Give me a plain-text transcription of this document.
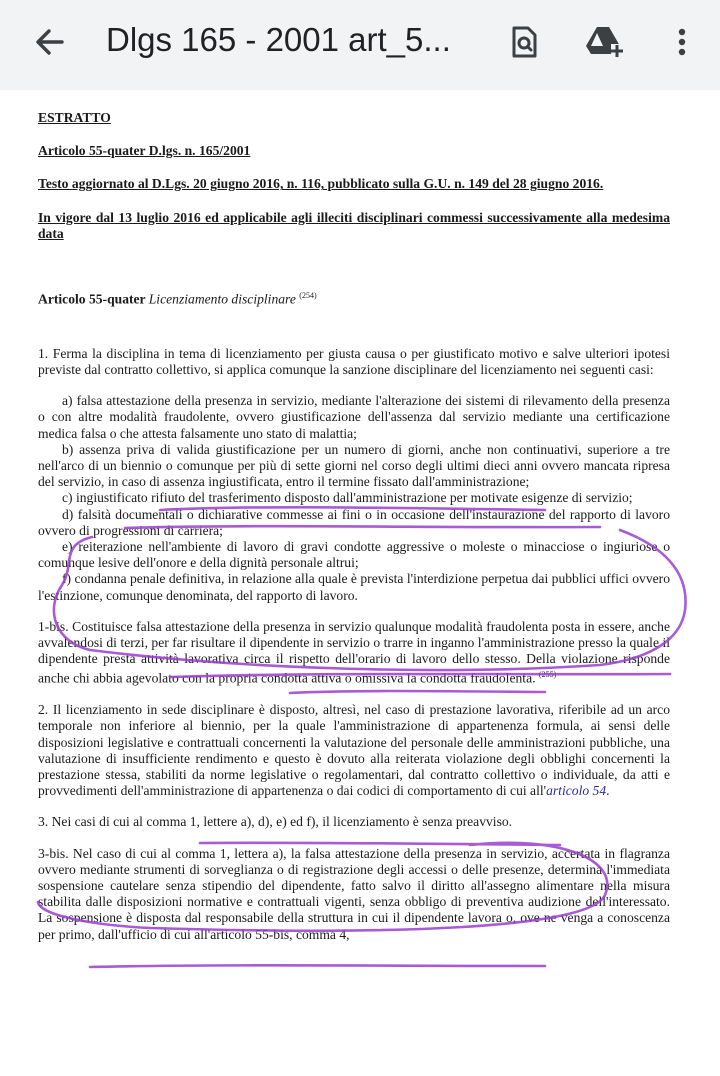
Dlgs 165 - 2001 art_5...

ESTRATTO

Articolo 55-quater D.lgs. n. 165/2001

Testo aggiornato al D.Lgs. 20 giugno 2016, n. 116, pubblicato sulla G.U. n. 149 del 28 giugno 2016.

In vigore dal 13 luglio 2016 ed applicabile agli illeciti disciplinari commessi successivamente alla medesima data

Articolo 55-quater Licenziamento disciplinare $^{(254)}$

1. Ferma la disciplina in tema di licenziamento per giusta causa o per giustificato motivo e salve ulteriori ipotesi previste dal contratto collettivo, si applica comunque la sanzione disciplinare del licenziamento nei seguenti casi:

a) falsa attestazione della presenza in servizio, mediante l'alterazione dei sistemi di rilevamento della presenza o con altre modalità fraudolente, ovvero giustificazione dell'assenza dal servizio mediante una certificazione medica falsa o che attesta falsamente uno stato di malattia;

b) assenza priva di valida giustificazione per un numero di giorni, anche non continuativi, superiore a tre nell'arco di un biennio o comunque per più di sette giorni nel corso degli ultimi dieci anni ovvero mancata ripresa del servizio, in caso di assenza ingiustificata, entro il termine fissato dall'amministrazione;

c) ingiustificato rifiuto del trasferimento disposto dall'amministrazione per motivate esigenze di servizio;

d) falsità documentali o dichiarative commesse ai fini o in occasione dell'instaurazione del rapporto di lavoro ovvero di progressioni di carriera;

e) reiterazione nell'ambiente di lavoro di gravi condotte aggressive o moleste o minacciose o ingiuriose o comunque lesive dell'onore e della dignità personale altrui;

f) condanna penale definitiva, in relazione alla quale è prevista l'interdizione perpetua dai pubblici uffici ovvero l'estinzione, comunque denominata, del rapporto di lavoro.

1-bis. Costituisce falsa attestazione della presenza in servizio qualunque modalità fraudolenta posta in essere, anche avvalendosi di terzi, per far risultare il dipendente in servizio o trarre in inganno l'amministrazione presso la quale il dipendente presta attività lavorativa circa il rispetto dell'orario di lavoro dello stesso. Della violazione risponde anche chi abbia agevolato con la propria condotta attiva o omissiva la condotta fraudolenta. $^{(255)}$

2. Il licenziamento in sede disciplinare è disposto, altresì, nel caso di prestazione lavorativa, riferibile ad un arco temporale non inferiore al biennio, per la quale l'amministrazione di appartenenza formula, ai sensi delle disposizioni legislative e contrattuali concernenti la valutazione del personale delle amministrazioni pubbliche, una valutazione di insufficiente rendimento e questo è dovuto alla reiterata violazione degli obblighi concernenti la prestazione stessa, stabiliti da norme legislative o regolamentari, dal contratto collettivo o individuale, da atti e provvedimenti dell'amministrazione di appartenenza o dai codici di comportamento di cui all'articolo 54.

3. Nei casi di cui al comma 1, lettere a), d), e) ed f), il licenziamento è senza preavviso.

3-bis. Nel caso di cui al comma 1, lettera a), la falsa attestazione della presenza in servizio, accertata in flagranza ovvero mediante strumenti di sorveglianza o di registrazione degli accessi o delle presenze, determina l'immediata sospensione cautelare senza stipendio del dipendente, fatto salvo il diritto all'assegno alimentare nella misura stabilita dalle disposizioni normative e contrattuali vigenti, senza obbligo di preventiva audizione dell'interessato. La sospensione è disposta dal responsabile della struttura in cui il dipendente lavora o, ove ne venga a conoscenza per primo, dall'ufficio di cui all'articolo 55-bis, comma 4,
